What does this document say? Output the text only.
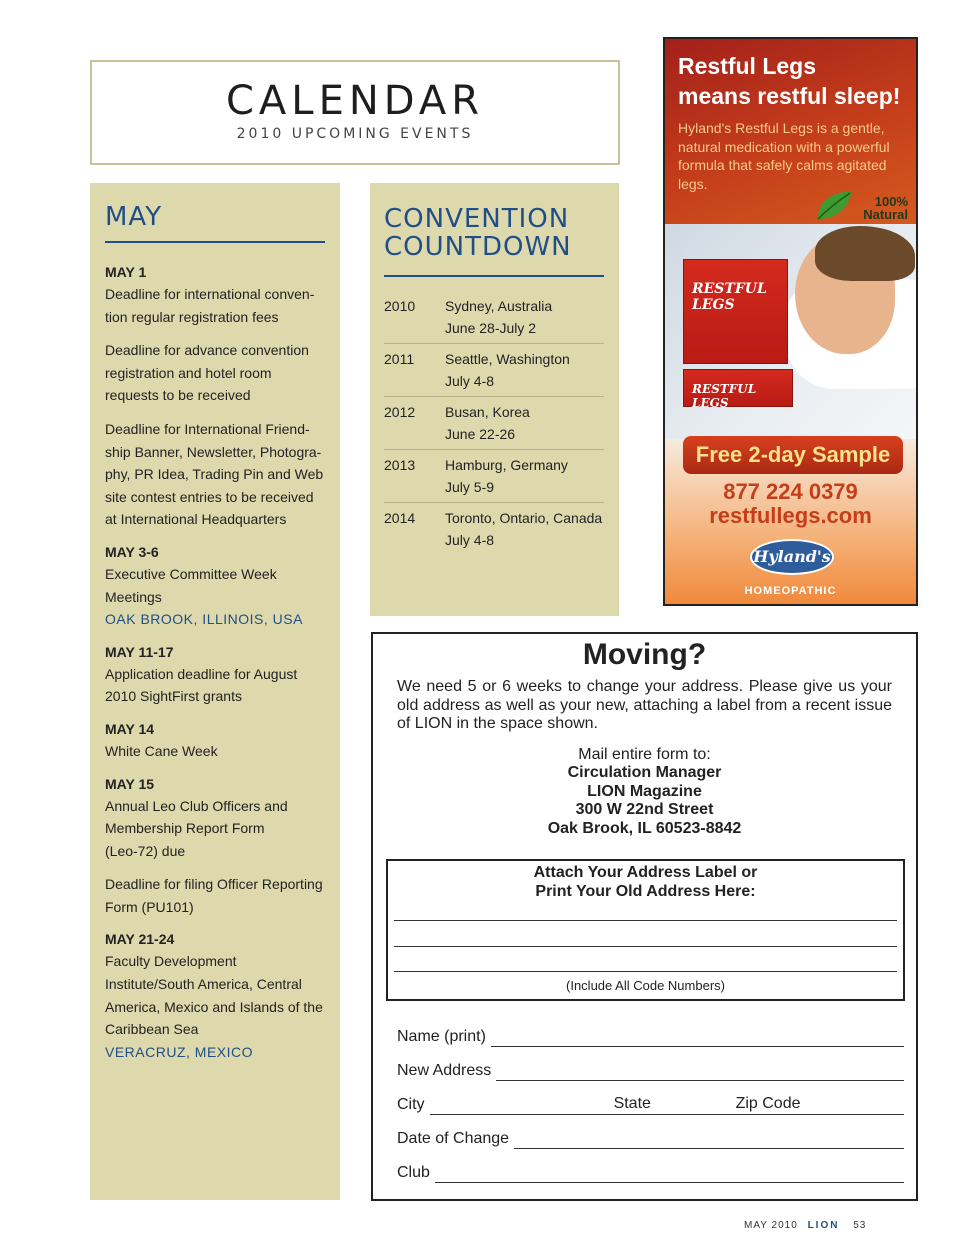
CALENDAR
2010 UPCOMING EVENTS
MAY
MAY 1
Deadline for international conven-
tion regular registration fees
Deadline for advance convention
registration and hotel room
requests to be received
Deadline for International Friend-
ship Banner, Newsletter, Photogra-
phy, PR Idea, Trading Pin and Web
site contest entries to be received
at International Headquarters
MAY 3-6
Executive Committee Week
Meetings
OAK BROOK, ILLINOIS, USA
MAY 11-17
Application deadline for August
2010 SightFirst grants
MAY 14
White Cane Week
MAY 15
Annual Leo Club Officers and
Membership Report Form
(Leo-72) due
Deadline for filing Officer Reporting
Form (PU101)
MAY 21-24
Faculty Development
Institute/South America, Central
America, Mexico and Islands of the
Caribbean Sea
VERACRUZ, MEXICO
CONVENTION
COUNTDOWN
2010	Sydney, Australia
June 28-July 2
2011	Seattle, Washington
July 4-8
2012	Busan, Korea
June 22-26
2013	Hamburg, Germany
July 5-9
2014	Toronto, Ontario, Canada
July 4-8
Restful Legs
means restful sleep!
Hyland's Restful Legs is a gentle, natural medication with a powerful formula that safely calms agitated legs.
100%
Natural
RESTFUL
LEGS
RESTFUL LEGS
Free 2-day Sample
877 224 0379
restfullegs.com
Hyland's
HOMEOPATHIC
Moving?
We need 5 or 6 weeks to change your address. Please give us your old address as well as your new, attaching a label from a recent issue of LION in the space shown.
Mail entire form to:
Circulation Manager
LION Magazine
300 W 22nd Street
Oak Brook, IL 60523-8842
Attach Your Address Label or
Print Your Old Address Here:
(Include All Code Numbers)
Name (print)
New Address
City	State	Zip Code
Date of Change
Club
MAY 2010 LION 53
